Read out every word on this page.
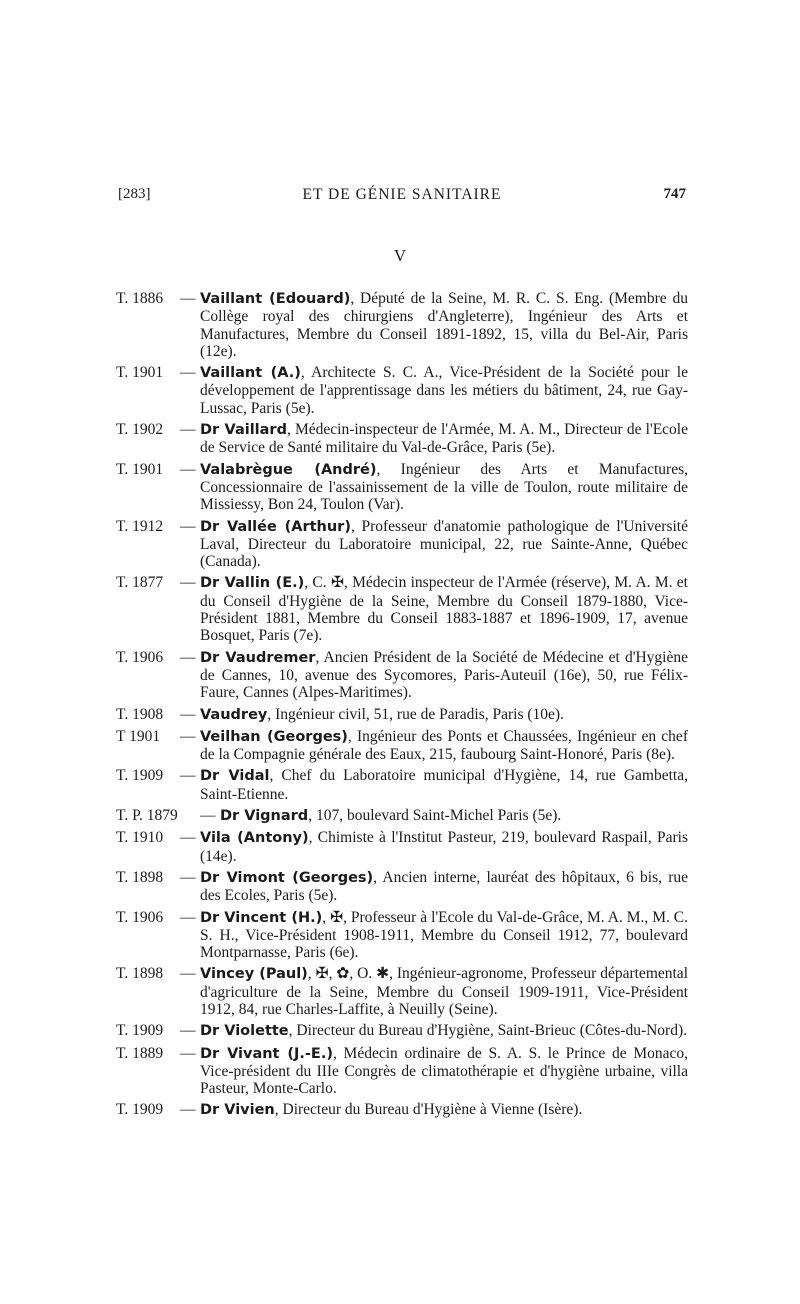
[283]	ET DE GÉNIE SANITAIRE	747
V
T. 1886 — Vaillant (Edouard), Député de la Seine, M. R. C. S. Eng. (Membre du Collège royal des chirurgiens d'Angleterre), Ingénieur des Arts et Manufactures, Membre du Conseil 1891-1892, 15, villa du Bel-Air, Paris (12e).
T. 1901 — Vaillant (A.), Architecte S. C. A., Vice-Président de la Société pour le développement de l'apprentissage dans les métiers du bâtiment, 24, rue Gay-Lussac, Paris (5e).
T. 1902 — Dr Vaillard, Médecin-inspecteur de l'Armée, M. A. M., Directeur de l'Ecole de Service de Santé militaire du Val-de-Grâce, Paris (5e).
T. 1901 — Valabrègue (André), Ingénieur des Arts et Manufactures, Concessionnaire de l'assainissement de la ville de Toulon, route militaire de Missiessy, Bon 24, Toulon (Var).
T. 1912 — Dr Vallée (Arthur), Professeur d'anatomie pathologique de l'Université Laval, Directeur du Laboratoire municipal, 22, rue Sainte-Anne, Québec (Canada).
T. 1877 — Dr Vallin (E.), C. ✠, Médecin inspecteur de l'Armée (réserve), M. A. M. et du Conseil d'Hygiène de la Seine, Membre du Conseil 1879-1880, Vice-Président 1881, Membre du Conseil 1883-1887 et 1896-1909, 17, avenue Bosquet, Paris (7e).
T. 1906 — Dr Vaudremer, Ancien Président de la Société de Médecine et d'Hygiène de Cannes, 10, avenue des Sycomores, Paris-Auteuil (16e), 50, rue Félix-Faure, Cannes (Alpes-Maritimes).
T. 1908 — Vaudrey, Ingénieur civil, 51, rue de Paradis, Paris (10e).
T 1901 — Veilhan (Georges), Ingénieur des Ponts et Chaussées, Ingénieur en chef de la Compagnie générale des Eaux, 215, faubourg Saint-Honoré, Paris (8e).
T. 1909 — Dr Vidal, Chef du Laboratoire municipal d'Hygiène, 14, rue Gambetta, Saint-Etienne.
T. P. 1879 — Dr Vignard, 107, boulevard Saint-Michel Paris (5e).
T. 1910 — Vila (Antony), Chimiste à l'Institut Pasteur, 219, boulevard Raspail, Paris (14e).
T. 1898 — Dr Vimont (Georges), Ancien interne, lauréat des hôpitaux, 6 bis, rue des Ecoles, Paris (5e).
T. 1906 — Dr Vincent (H.), ✠, Professeur à l'Ecole du Val-de-Grâce, M. A. M., M. C. S. H., Vice-Président 1908-1911, Membre du Conseil 1912, 77, boulevard Montparnasse, Paris (6e).
T. 1898 — Vincey (Paul), ✠, ✿, O. ✱, Ingénieur-agronome, Professeur départemental d'agriculture de la Seine, Membre du Conseil 1909-1911, Vice-Président 1912, 84, rue Charles-Laffite, à Neuilly (Seine).
T. 1909 — Dr Violette, Directeur du Bureau d'Hygiène, Saint-Brieuc (Côtes-du-Nord).
T. 1889 — Dr Vivant (J.-E.), Médecin ordinaire de S. A. S. le Prince de Monaco, Vice-président du IIIe Congrès de climatothérapie et d'hygiène urbaine, villa Pasteur, Monte-Carlo.
T. 1909 — Dr Vivien, Directeur du Bureau d'Hygiène à Vienne (Isère).
